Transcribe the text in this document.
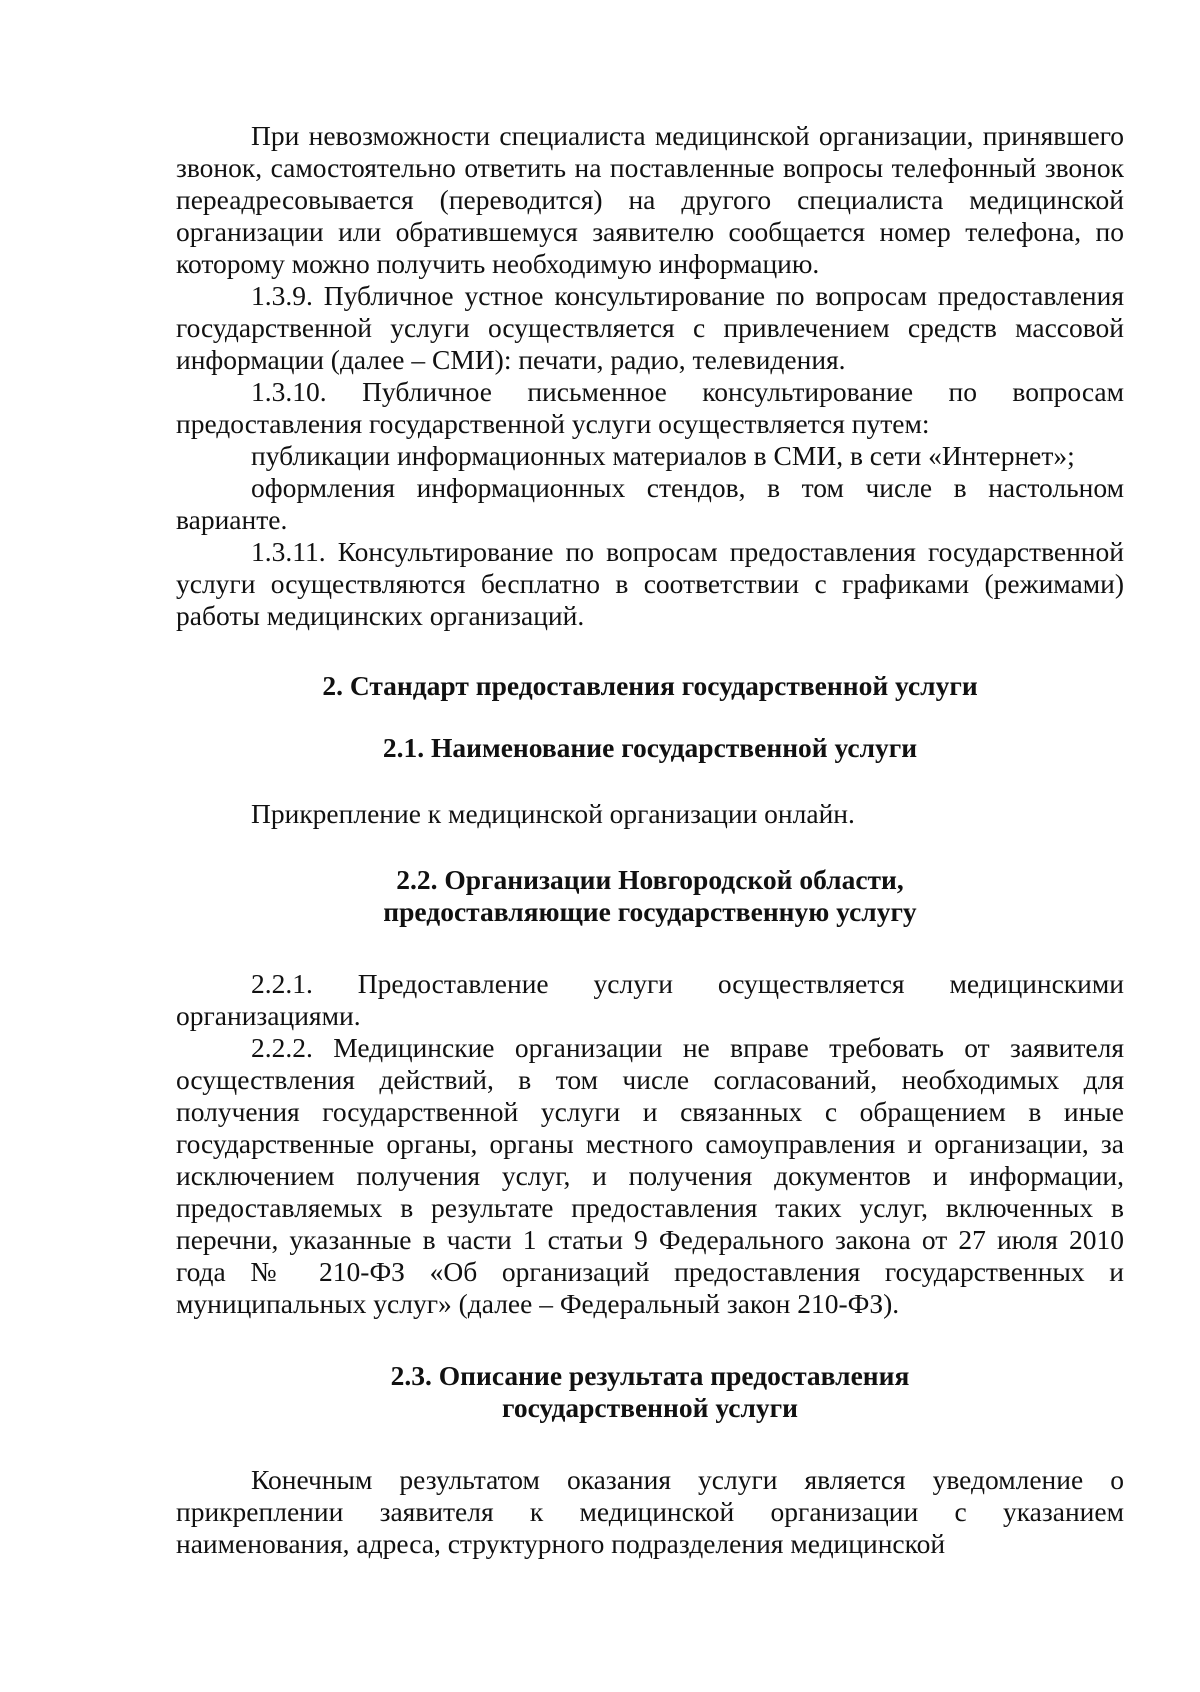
При невозможности специалиста медицинской организации, принявшего звонок, самостоятельно ответить на поставленные вопросы телефонный звонок переадресовывается (переводится) на другого специалиста медицинской организации или обратившемуся заявителю сообщается номер телефона, по которому можно получить необходимую информацию.

1.3.9. Публичное устное консультирование по вопросам предоставления государственной услуги осуществляется с привлечением средств массовой информации (далее – СМИ): печати, радио, телевидения.

1.3.10. Публичное письменное консультирование по вопросам предоставления государственной услуги осуществляется путем:

публикации информационных материалов в СМИ, в сети «Интернет»;

оформления информационных стендов, в том числе в настольном варианте.

1.3.11. Консультирование по вопросам предоставления государственной услуги осуществляются бесплатно в соответствии с графиками (режимами) работы медицинских организаций.

2. Стандарт предоставления государственной услуги

2.1. Наименование государственной услуги

Прикрепление к медицинской организации онлайн.

2.2. Организации Новгородской области,

предоставляющие государственную услугу

2.2.1. Предоставление услуги осуществляется медицинскими организациями.

2.2.2. Медицинские организации не вправе требовать от заявителя осуществления действий, в том числе согласований, необходимых для получения государственной услуги и связанных с обращением в иные государственные органы, органы местного самоуправления и организации, за исключением получения услуг, и получения документов и информации, предоставляемых в результате предоставления таких услуг, включенных в перечни, указанные в части 1 статьи 9 Федерального закона от 27 июля 2010 года № 210-ФЗ «Об организаций предоставления государственных и муниципальных услуг» (далее – Федеральный закон 210-ФЗ).

2.3. Описание результата предоставления

государственной услуги

Конечным результатом оказания услуги является уведомление о прикреплении заявителя к медицинской организации с указанием наименования, адреса, структурного подразделения медицинской
